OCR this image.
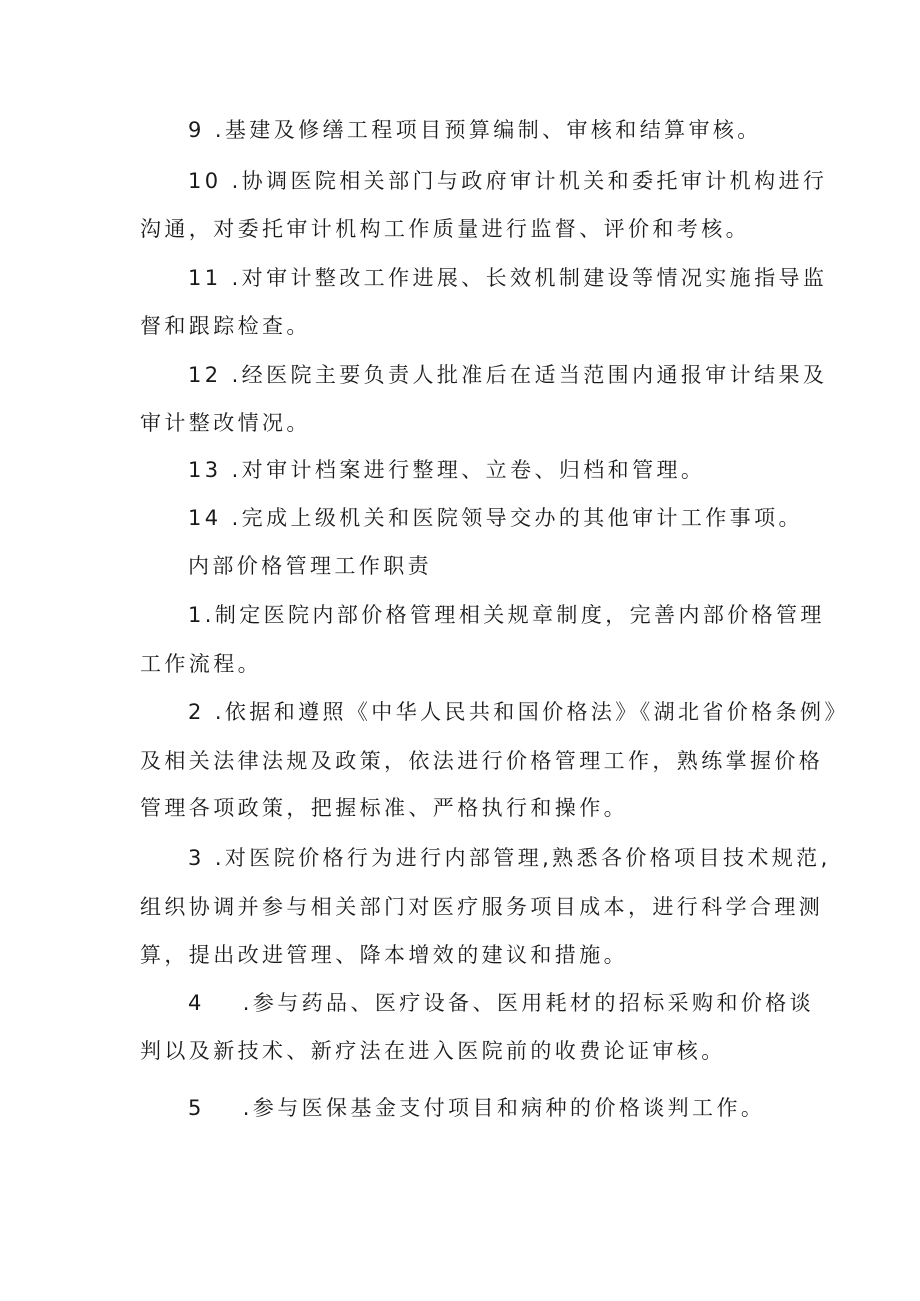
9 .基建及修缮工程项目预算编制、审核和结算审核。

10 .协调医院相关部门与政府审计机关和委托审计机构进行

沟通，对委托审计机构工作质量进行监督、评价和考核。

11 .对审计整改工作进展、长效机制建设等情况实施指导监

督和跟踪检查。

12 .经医院主要负责人批准后在适当范围内通报审计结果及

审计整改情况。

13 .对审计档案进行整理、立卷、归档和管理。

14 .完成上级机关和医院领导交办的其他审计工作事项。

内部价格管理工作职责

1.制定医院内部价格管理相关规章制度，完善内部价格管理

工作流程。

2 .依据和遵照《中华人民共和国价格法》《湖北省价格条例》

及相关法律法规及政策，依法进行价格管理工作，熟练掌握价格

管理各项政策，把握标准、严格执行和操作。

3 .对医院价格行为进行内部管理,熟悉各价格项目技术规范,

组织协调并参与相关部门对医疗服务项目成本，进行科学合理测

算，提出改进管理、降本增效的建议和措施。

4 .参与药品、医疗设备、医用耗材的招标采购和价格谈

判以及新技术、新疗法在进入医院前的收费论证审核。

5 .参与医保基金支付项目和病种的价格谈判工作。
